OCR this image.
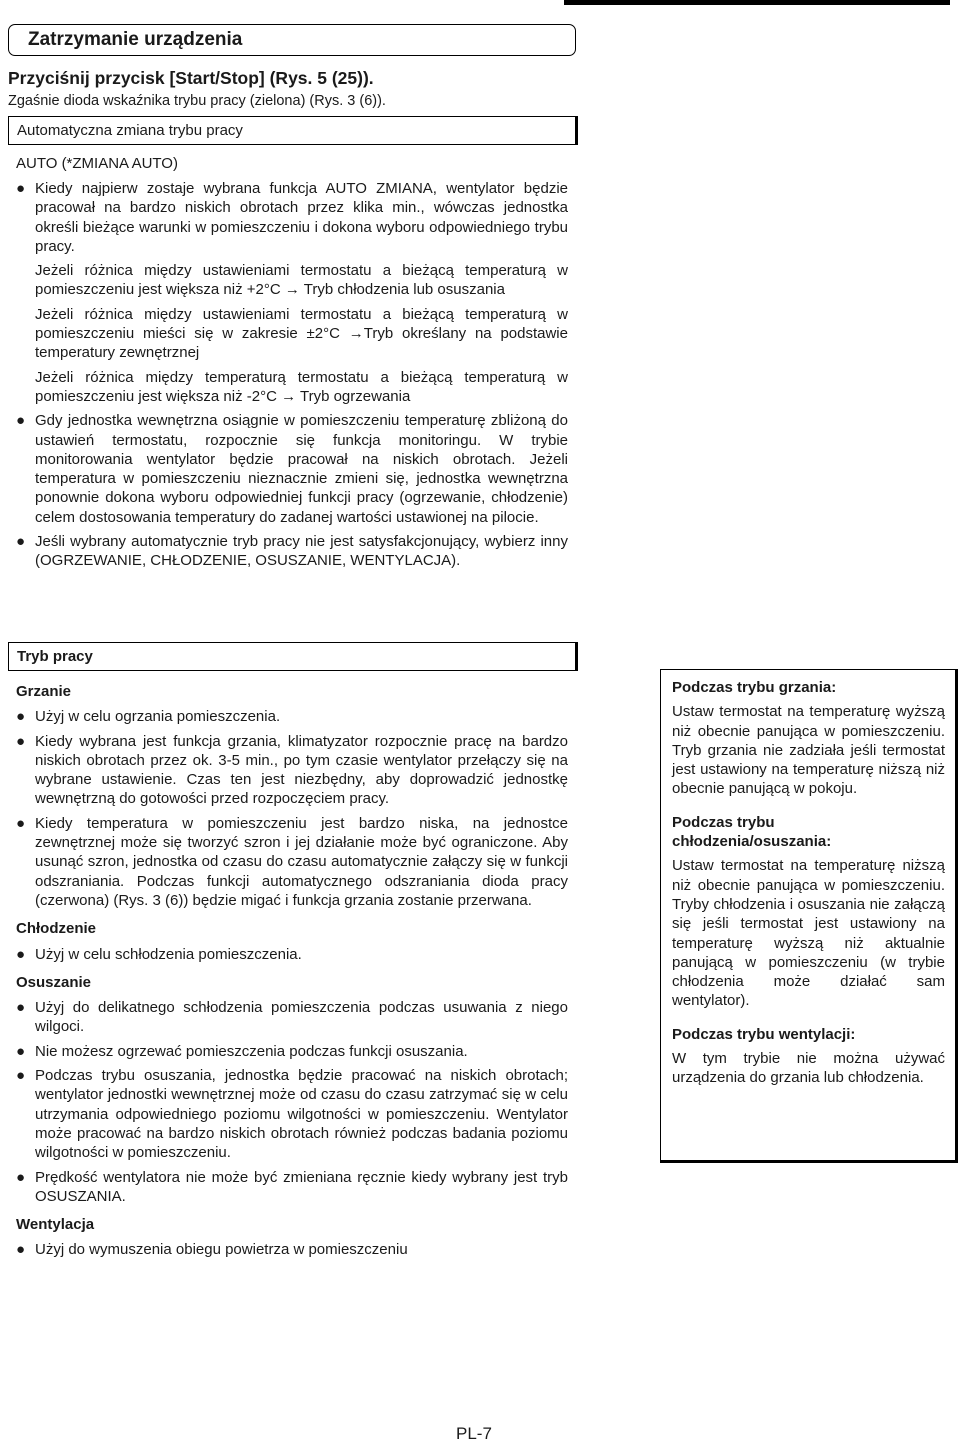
Zatrzymanie urządzenia
Przyciśnij przycisk [Start/Stop] (Rys. 5 (25)).
Zgaśnie dioda wskaźnika trybu pracy (zielona) (Rys. 3 (6)).
Automatyczna zmiana trybu pracy
AUTO (*ZMIANA AUTO)
● Kiedy najpierw zostaje wybrana funkcja AUTO ZMIANA, wentylator będzie pracował na bardzo niskich obrotach przez klika min., wówczas jednostka określi bieżące warunki w pomieszczeniu i dokona wyboru odpowiedniego trybu pracy.
Jeżeli różnica między ustawieniami termostatu a bieżącą temperaturą w pomieszczeniu jest większa niż +2°C → Tryb chłodzenia lub osuszania
Jeżeli różnica między ustawieniami termostatu a bieżącą temperaturą w pomieszczeniu mieści się w zakresie ±2°C →Tryb określany na podstawie temperatury zewnętrznej
Jeżeli różnica między temperaturą termostatu a bieżącą temperaturą w pomieszczeniu jest większa niż -2°C → Tryb ogrzewania
● Gdy jednostka wewnętrzna osiągnie w pomieszczeniu temperaturę zbliżoną do ustawień termostatu, rozpocznie się funkcja monitoringu. W trybie monitorowania wentylator będzie pracował na niskich obrotach. Jeżeli temperatura w pomieszczeniu nieznacznie zmieni się, jednostka wewnętrzna ponownie dokona wyboru odpowiedniej funkcji pracy (ogrzewanie, chłodzenie) celem dostosowania temperatury do zadanej wartości ustawionej na pilocie.
● Jeśli wybrany automatycznie tryb pracy nie jest satysfakcjonujący, wybierz inny (OGRZEWANIE, CHŁODZENIE, OSUSZANIE, WENTYLACJA).
Tryb pracy
Grzanie
● Użyj w celu ogrzania pomieszczenia.
● Kiedy wybrana jest funkcja grzania, klimatyzator rozpocznie pracę na bardzo niskich obrotach przez ok. 3-5 min., po tym czasie wentylator przełączy się na wybrane ustawienie. Czas ten jest niezbędny, aby doprowadzić jednostkę wewnętrzną do gotowości przed rozpoczęciem pracy.
● Kiedy temperatura w pomieszczeniu jest bardzo niska, na jednostce zewnętrznej może się tworzyć szron i jej działanie może być ograniczone. Aby usunąć szron, jednostka od czasu do czasu automatycznie załączy się w funkcji odszraniania. Podczas funkcji automatycznego odszraniania dioda pracy (czerwona) (Rys. 3 (6)) będzie migać i funkcja grzania zostanie przerwana.
Chłodzenie
● Użyj w celu schłodzenia pomieszczenia.
Osuszanie
● Użyj do delikatnego schłodzenia pomieszczenia podczas usuwania z niego wilgoci.
● Nie możesz ogrzewać pomieszczenia podczas funkcji osuszania.
● Podczas trybu osuszania, jednostka będzie pracować na niskich obrotach; wentylator jednostki wewnętrznej może od czasu do czasu zatrzymać się w celu utrzymania odpowiedniego poziomu wilgotności w pomieszczeniu. Wentylator może pracować na bardzo niskich obrotach również podczas badania poziomu wilgotności w pomieszczeniu.
● Prędkość wentylatora nie może być zmieniana ręcznie kiedy wybrany jest tryb OSUSZANIA.
Wentylacja
● Użyj do wymuszenia obiegu powietrza w pomieszczeniu
Podczas trybu grzania:
Ustaw termostat na temperaturę wyższą niż obecnie panująca w pomieszczeniu. Tryb grzania nie zadziała jeśli termostat jest ustawiony na temperaturę niższą niż obecnie panującą w pokoju.
Podczas trybu
chłodzenia/osuszania:
Ustaw termostat na temperaturę niższą niż obecnie panująca w pomieszczeniu. Tryby chłodzenia i osuszania nie załączą się jeśli termostat jest ustawiony na temperaturę wyższą niż aktualnie panującą w pomieszczeniu (w trybie chłodzenia może działać sam wentylator).
Podczas trybu wentylacji:
W tym trybie nie można używać urządzenia do grzania lub chłodzenia.
PL-7
